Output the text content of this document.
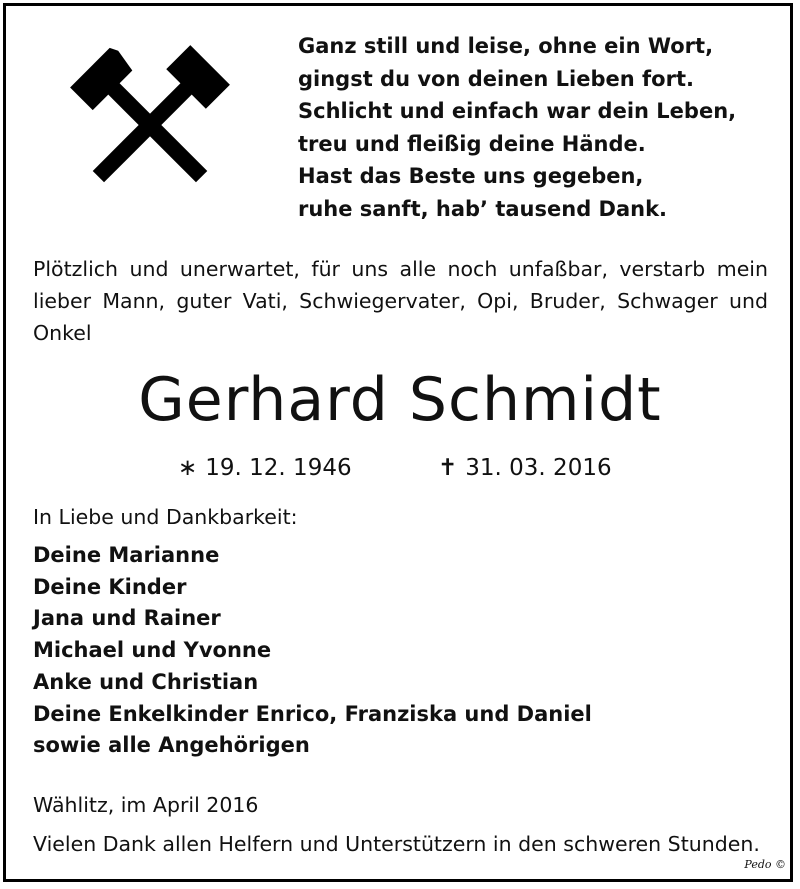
Ganz still und leise, ohne ein Wort,
gingst du von deinen Lieben fort.
Schlicht und einfach war dein Leben,
treu und fleißig deine Hände.
Hast das Beste uns gegeben,
ruhe sanft, hab’ tausend Dank.
Plötzlich und unerwartet, für uns alle noch unfaßbar, verstarb mein lieber Mann, guter Vati, Schwiegervater, Opi, Bruder, Schwager und Onkel
Gerhard Schmidt
∗ 19. 12. 1946	✝ 31. 03. 2016
In Liebe und Dankbarkeit:
Deine Marianne
Deine Kinder
Jana und Rainer
Michael und Yvonne
Anke und Christian
Deine Enkelkinder Enrico, Franziska und Daniel
sowie alle Angehörigen
Wählitz, im April 2016
Vielen Dank allen Helfern und Unterstützern in den schweren Stunden.
Pedo ©
